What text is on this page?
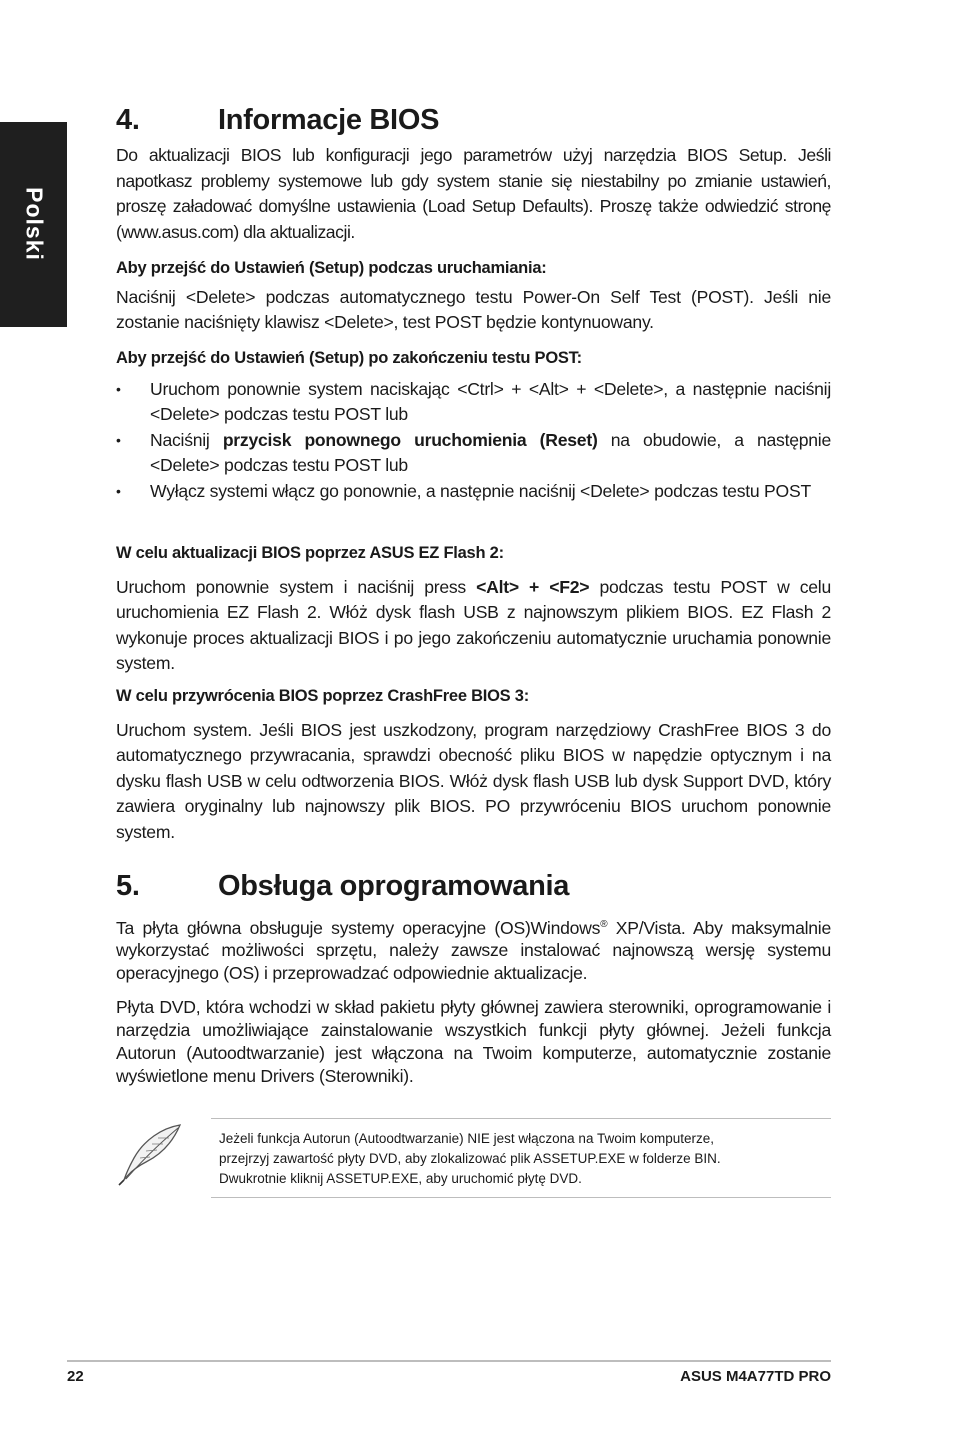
Polski
4.	Informacje BIOS

Do aktualizacji BIOS lub konfiguracji jego parametrów użyj narzędzia BIOS Setup. Jeśli napotkasz problemy systemowe lub gdy system stanie się niestabilny po zmianie ustawień, proszę załadować domyślne ustawienia (Load Setup Defaults). Proszę także odwiedzić stronę (www.asus.com) dla aktualizacji.

Aby przejść do Ustawień (Setup) podczas uruchamiania:

Naciśnij <Delete> podczas automatycznego testu Power-On Self Test (POST). Jeśli nie zostanie naciśnięty klawisz <Delete>, test POST będzie kontynuowany.

Aby przejść do Ustawień (Setup) po zakończeniu testu POST:

• Uruchom ponownie system naciskając <Ctrl> + <Alt> + <Delete>, a następnie naciśnij <Delete> podczas testu POST lub
• Naciśnij przycisk ponownego uruchomienia (Reset) na obudowie, a następnie <Delete> podczas testu POST lub
• Wyłącz systemi włącz go ponownie, a następnie naciśnij <Delete> podczas testu POST

W celu aktualizacji BIOS poprzez ASUS EZ Flash 2:

Uruchom ponownie system i naciśnij press <Alt> + <F2> podczas testu POST w celu uruchomienia EZ Flash 2. Włóż dysk flash USB z najnowszym plikiem BIOS. EZ Flash 2 wykonuje proces aktualizacji BIOS i po jego zakończeniu automatycznie uruchamia ponownie system.

W celu przywrócenia BIOS poprzez CrashFree BIOS 3:

Uruchom system. Jeśli BIOS jest uszkodzony, program narzędziowy CrashFree BIOS 3 do automatycznego przywracania, sprawdzi obecność pliku BIOS w napędzie optycznym i na dysku flash USB w celu odtworzenia BIOS. Włóż dysk flash USB lub dysk Support DVD, który zawiera oryginalny lub najnowszy plik BIOS. PO przywróceniu BIOS uruchom ponownie system.

5.	Obsługa oprogramowania

Ta płyta główna obsługuje systemy operacyjne (OS)Windows® XP/Vista. Aby maksymalnie wykorzystać możliwości sprzętu, należy zawsze instalować najnowszą wersję systemu operacyjnego (OS) i przeprowadzać odpowiednie aktualizacje.

Płyta DVD, która wchodzi w skład pakietu płyty głównej zawiera sterowniki, oprogramowanie i narzędzia umożliwiające zainstalowanie wszystkich funkcji płyty głównej. Jeżeli funkcja Autorun (Autoodtwarzanie) jest włączona na Twoim komputerze, automatycznie zostanie wyświetlone menu Drivers (Sterowniki).

Jeżeli funkcja Autorun (Autoodtwarzanie) NIE jest włączona na Twoim komputerze,
przejrzyj zawartość płyty DVD, aby zlokalizować plik ASSETUP.EXE w folderze BIN.
Dwukrotnie kliknij ASSETUP.EXE, aby uruchomić płytę DVD.
22	ASUS M4A77TD PRO
